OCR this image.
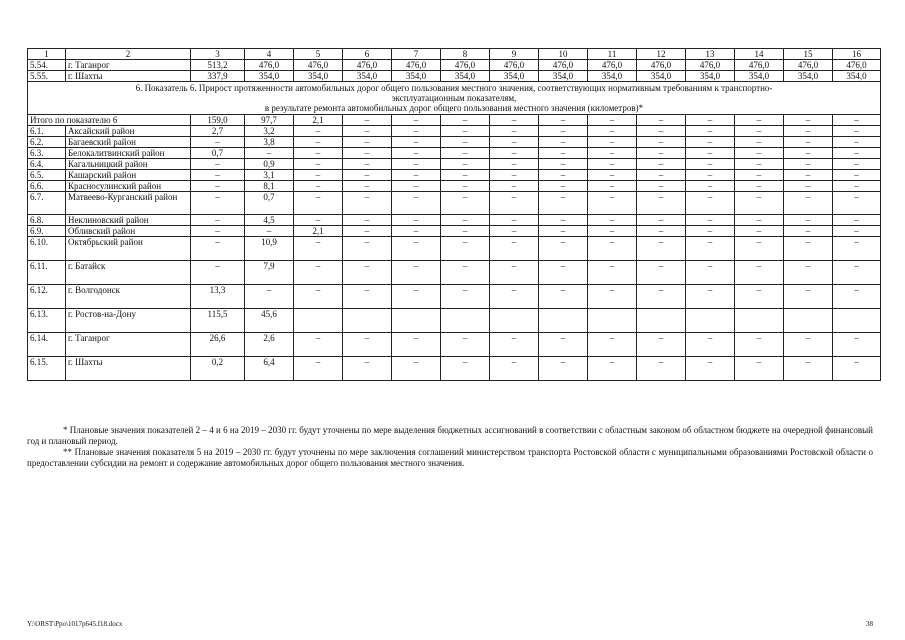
1	2	3	4	5	6	7	8	9	10	11	12	13	14	15	16
5.54.	г. Таганрог	513,2	476,0	476,0	476,0	476,0	476,0	476,0	476,0	476,0	476,0	476,0	476,0	476,0	476,0
5.55.	г. Шахты	337,9	354,0	354,0	354,0	354,0	354,0	354,0	354,0	354,0	354,0	354,0	354,0	354,0	354,0

6. Показатель 6. Прирост протяженности автомобильных дорог общего пользования местного значения, соответствующих нормативным требованиям к транспортно-
эксплуатационным показателям,
в результате ремонта автомобильных дорог общего пользования местного значения (километров)*															

Итого по показателю 6		159,0	97,7	2,1	–	–	–	–	–	–	–	–	–	–	–
6.1.	Аксайский район	2,7	3,2	–	–	–	–	–	–	–	–	–	–	–	–
6.2.	Багаевский район	–	3,8	–	–	–	–	–	–	–	–	–	–	–	–
6.3.	Белокалитвинский район	0,7	–	–	–	–	–	–	–	–	–	–	–	–	–
6.4.	Кагальницкий район	–	0,9	–	–	–	–	–	–	–	–	–	–	–	–
6.5.	Кашарский район	–	3,1	–	–	–	–	–	–	–	–	–	–	–	–
6.6.	Красносулинский район	–	8,1	–	–	–	–	–	–	–	–	–	–	–	–
6.7.	Матвеево-Курганский район	–	0,7	–	–	–	–	–	–	–	–	–	–	–	–
6.8.	Неклиновский район	–	4,5	–	–	–	–	–	–	–	–	–	–	–	–
6.9.	Обливский район	–	–	2,1	–	–	–	–	–	–	–	–	–	–	–
6.10.	Октябрьский район	–	10,9	–	–	–	–	–	–	–	–	–	–	–	–
6.11.	г. Батайск	–	7,9	–	–	–	–	–	–	–	–	–	–	–	–
6.12.	г. Волгодонск	13,3	–	–	–	–	–	–	–	–	–	–	–	–	–
6.13.	г. Ростов-на-Дону	115,5	45,6												
6.14.	г. Таганрог	26,6	2,6	–	–	–	–	–	–	–	–	–	–	–	–
6.15.	г. Шахты	0,2	6,4	–	–	–	–	–	–	–	–	–	–	–	–

* Плановые значения показателей 2 – 4 и 6 на 2019 – 2030 гг. будут уточнены по мере выделения бюджетных ассигнований в соответствии с областным законом об областном бюджете на очередной финансовый год и плановый период.

** Плановые значения показателя 5 на 2019 – 2030 гг. будут уточнены по мере заключения соглашений министерством транспорта Ростовской области с муниципальными образованиями Ростовской области о предоставлении субсидии на ремонт и содержание автомобильных дорог общего пользования местного значения.

Y:\ORST\Ppo\1017p645.f18.docx	38
